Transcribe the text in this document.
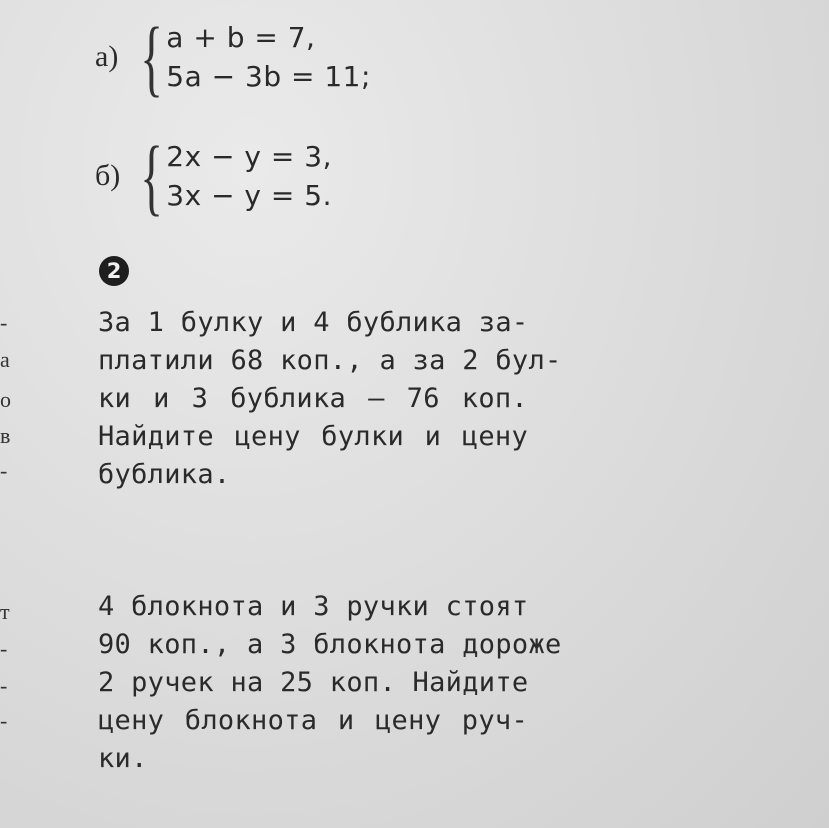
а) { a + b = 7,
5a − 3b = 11;
б) { 2x − y = 3,
3x − y = 5.
2
За 1 булку и 4 бублика за-
платили 68 коп., а за 2 бул-
ки и 3 бублика — 76 коп.
Найдите цену булки и цену
бублика.
4 блокнота и 3 ручки стоят
90 коп., а 3 блокнота дороже
2 ручек на 25 коп. Найдите
цену блокнота и цену руч-
ки.
-
а
о
в
-
т
-
-
-
